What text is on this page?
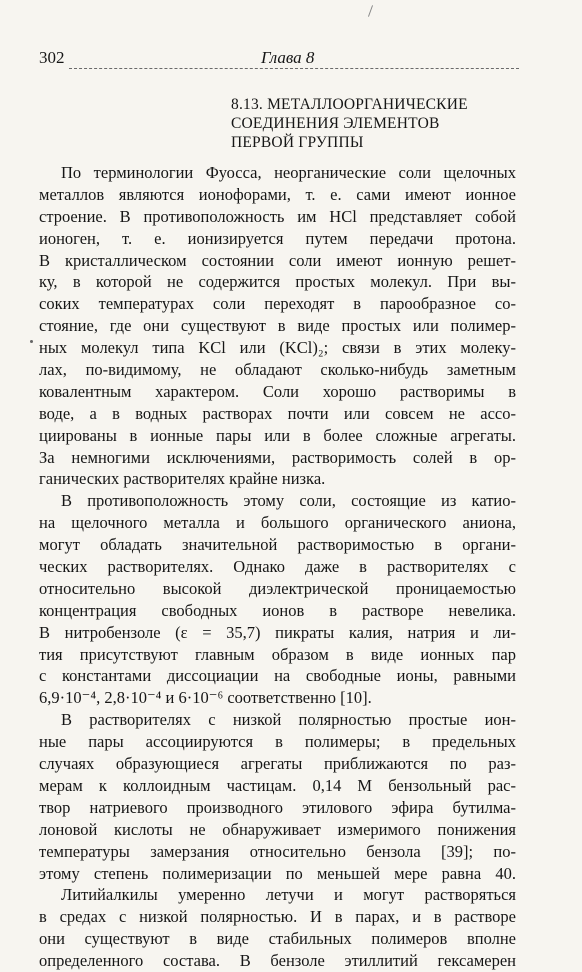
302	Глава 8
8.13. МЕТАЛЛООРГАНИЧЕСКИЕ
СОЕДИНЕНИЯ ЭЛЕМЕНТОВ
ПЕРВОЙ ГРУППЫ
По терминологии Фуосса, неорганические соли щелочных
металлов являются ионофорами, т. е. сами имеют ионное
строение. В противоположность им HCl представляет собой
ионоген, т. е. ионизируется путем передачи протона.
В кристаллическом состоянии соли имеют ионную решет-
ку, в которой не содержится простых молекул. При вы-
соких температурах соли переходят в парообразное со-
стояние, где они существуют в виде простых или полимер-
ных молекул типа KCl или (KCl)₂; связи в этих молеку-
лах, по-видимому, не обладают сколько-нибудь заметным
ковалентным характером. Соли хорошо растворимы в
воде, а в водных растворах почти или совсем не ассо-
циированы в ионные пары или в более сложные агрегаты.
За немногими исключениями, растворимость солей в ор-
ганических растворителях крайне низка.
В противоположность этому соли, состоящие из катио-
на щелочного металла и большого органического аниона,
могут обладать значительной растворимостью в органи-
ческих растворителях. Однако даже в растворителях с
относительно высокой диэлектрической проницаемостью
концентрация свободных ионов в растворе невелика.
В нитробензоле (ε = 35,7) пикраты калия, натрия и ли-
тия присутствуют главным образом в виде ионных пар
с константами диссоциации на свободные ионы, равными
6,9·10⁻⁴, 2,8·10⁻⁴ и 6·10⁻⁶ соответственно [10].
В растворителях с низкой полярностью простые ион-
ные пары ассоциируются в полимеры; в предельных
случаях образующиеся агрегаты приближаются по раз-
мерам к коллоидным частицам. 0,14 М бензольный рас-
твор натриевого производного этилового эфира бутилма-
лоновой кислоты не обнаруживает измеримого понижения
температуры замерзания относительно бензола [39]; по-
этому степень полимеризации по меньшей мере равна 40.
Литийалкилы умеренно летучи и могут растворяться
в средах с низкой полярностью. И в парах, и в растворе
они существуют в виде стабильных полимеров вполне
определенного состава. В бензоле этиллитий гексамерен
